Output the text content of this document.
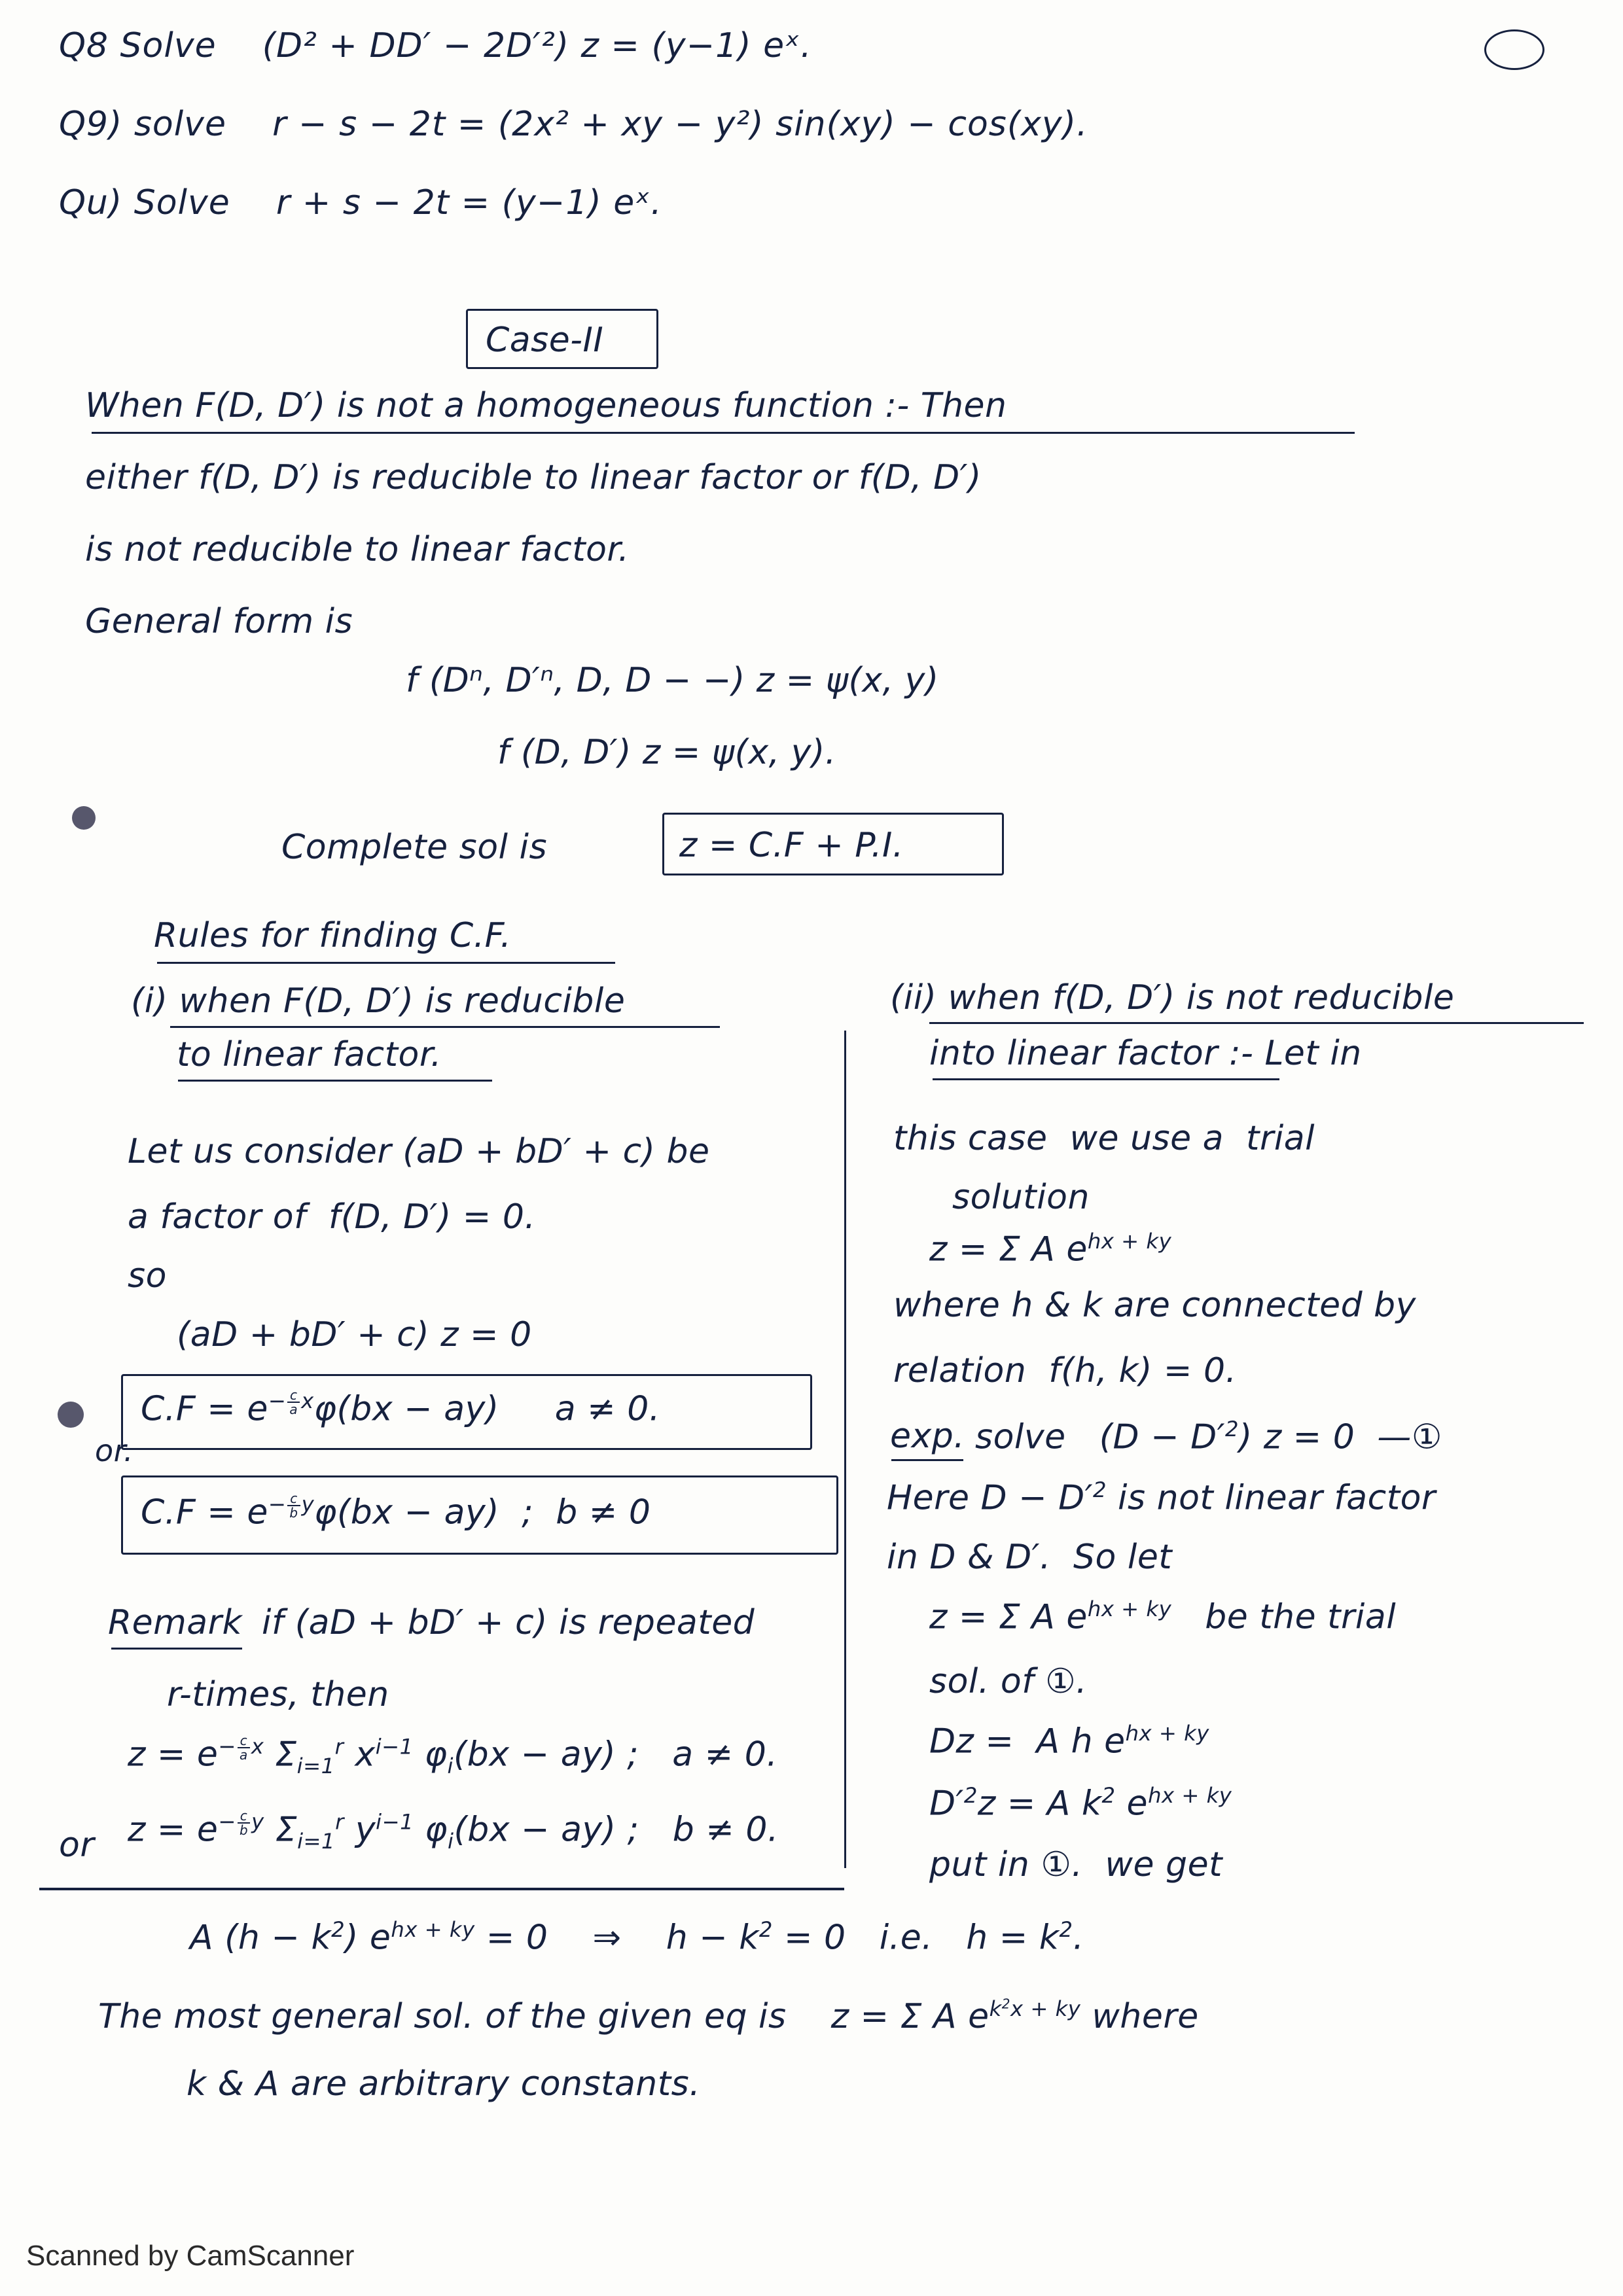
Q8 Solve    (D² + DD′ − 2D′²) z = (y−1) eˣ.
Q9) solve    r − s − 2t = (2x² + xy − y²) sin(xy) − cos(xy).
Qu) Solve    r + s − 2t = (y−1) eˣ.
Case-II
When F(D, D′) is not a homogeneous function :- Then
either f(D, D′) is reducible to linear factor or f(D, D′)
is not reducible to linear factor.
General form is
f (Dⁿ, D′ⁿ, D, D − −) z = ψ(x, y)
f (D, D′) z = ψ(x, y).
Complete sol is	z = C.F + P.I.
Rules for finding C.F.
(i) when F(D, D′) is reducible
to linear factor.
Let us consider (aD + bD′ + c) be
a factor of  f(D, D′) = 0.
so
(aD + bD′ + c) z = 0
$C.F = e^{- \frac{c}{a} x}\varphi(bx - ay)$     a ≠ 0.
or.
$C.F = e^{- \frac{c}{b} y}\varphi(bx - ay)$  ;  b ≠ 0
Remark if (aD + bD′ + c) is repeated
r-times, then
$z = e^{- \frac{c}{a} x}$ $\Sigma_{i=1}^r$ $x^{i-1}$ $\varphi_i(bx - ay)$ ;   a ≠ 0.
or $z = e^{- \frac{c}{b} y}$ $\Sigma_{i=1}^r$ $y^{i-1}$ $\varphi_i(bx - ay)$ ;   b ≠ 0.
(ii) when f(D, D′) is not reducible
into linear factor :- Let in
this case  we use a  trial
solution
z = Σ A $e^{hx + ky}$
where h & k are connected by
relation  f(h, k) = 0.
exp. solve   $(D - D'^2)$ z = 0  —①
Here $D - D'^2$ is not linear factor
in D & D′.  So let
z = Σ A $e^{hx + ky}$   be the trial
sol. of ①.
Dz =  A h $e^{hx + ky}$
$D'^2z = A$ $k^2$ $e^{hx + ky}$
put in ①.  we get
A $(h - k^2)$ $e^{hx + ky} = 0$    ⇒    $h - k^2 = 0$   i.e.   $h = k^2$.
The most general sol. of the given eq is    z = Σ A $e^{k^2x + ky}$ where
k & A are arbitrary constants.
Scanned by CamScanner
